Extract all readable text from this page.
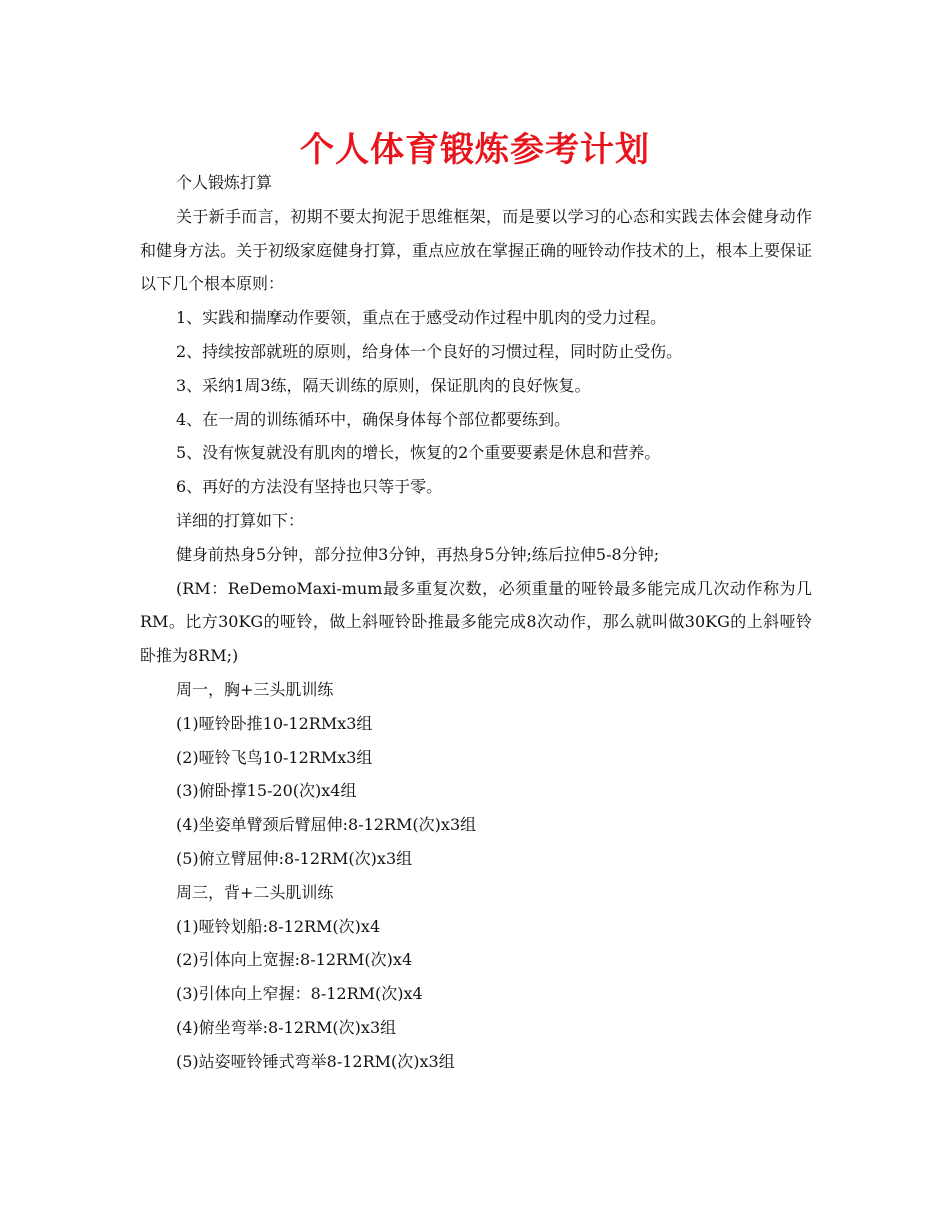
个人体育锻炼参考计划

个人锻炼打算

关于新手而言，初期不要太拘泥于思维框架，而是要以学习的心态和实践去体会健身动作和健身方法。关于初级家庭健身打算，重点应放在掌握正确的哑铃动作技术的上，根本上要保证以下几个根本原则：

1、实践和揣摩动作要领，重点在于感受动作过程中肌肉的受力过程。

2、持续按部就班的原则，给身体一个良好的习惯过程，同时防止受伤。

3、采纳1周3练，隔天训练的原则，保证肌肉的良好恢复。

4、在一周的训练循环中，确保身体每个部位都要练到。

5、没有恢复就没有肌肉的增长，恢复的2个重要要素是休息和营养。

6、再好的方法没有坚持也只等于零。

详细的打算如下：

健身前热身5分钟，部分拉伸3分钟，再热身5分钟;练后拉伸5-8分钟;

(RM：ReDemoMaxi-mum最多重复次数，必须重量的哑铃最多能完成几次动作称为几RM。比方30KG的哑铃，做上斜哑铃卧推最多能完成8次动作，那么就叫做30KG的上斜哑铃卧推为8RM;)

周一，胸+三头肌训练

(1)哑铃卧推10-12RMx3组

(2)哑铃飞鸟10-12RMx3组

(3)俯卧撑15-20(次)x4组

(4)坐姿单臂颈后臂屈伸:8-12RM(次)x3组

(5)俯立臂屈伸:8-12RM(次)x3组

周三，背+二头肌训练

(1)哑铃划船:8-12RM(次)x4

(2)引体向上宽握:8-12RM(次)x4

(3)引体向上窄握：8-12RM(次)x4

(4)俯坐弯举:8-12RM(次)x3组

(5)站姿哑铃锤式弯举8-12RM(次)x3组
